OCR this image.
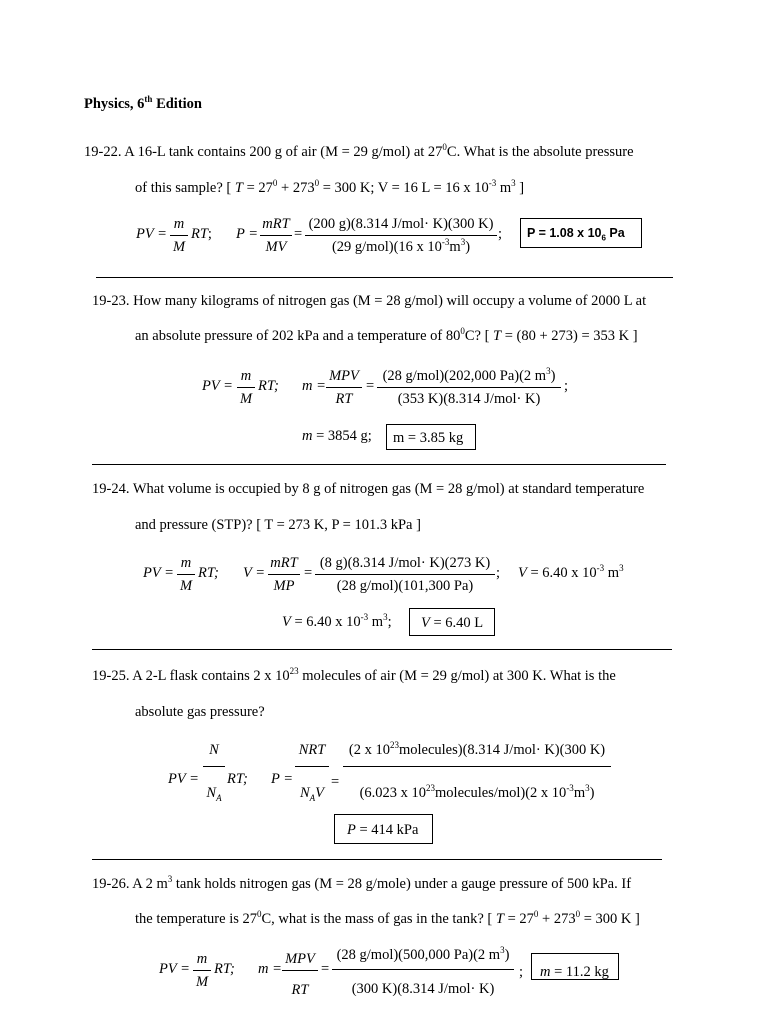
Physics, 6th Edition
19-22. A 16-L tank contains 200 g of air (M = 29 g/mol) at $27^0C$. What is the absolute pressure
of this sample? [ $T = 27^0 + 273^0 = 300$ K; V = 16 L = 16 x $10^{-3}$ $m^3$ ]
PV = $\frac{m}{M}$ RT; P =
mRT
MV
=
(200 g)(8.314 J/mol· K)(300 K)
(29 g/mol)(16 x $10^{-3}m^3$)
; P = 1.08 x $10_6$ Pa
19-23. How many kilograms of nitrogen gas (M = 28 g/mol) will occupy a volume of 2000 L at
an absolute pressure of 202 kPa and a temperature of $80^0C$? [ T = (80 + 273) = 353 K ]
PV = $\frac{m}{M}$ RT; m =
MPV
RT
=
(28 g/mol)(202,000 Pa)(2 $m^3$)
(353 K)(8.314 J/mol· K)
;
m = 3854 g; m = 3.85 kg
19-24. What volume is occupied by 8 g of nitrogen gas (M = 28 g/mol) at standard temperature
and pressure (STP)? [ T = 273 K, P = 101.3 kPa ]
PV = $\frac{m}{M}$ RT; V =
mRT
MP
=
(8 g)(8.314 J/mol· K)(273 K)
(28 g/mol)(101,300 Pa)
; V = 6.40 x $10^{-3}$ $m^3$
V = 6.40 x $10^{-3}$ $m^3$; V = 6.40 L
19-25. A 2-L flask contains 2 x $10^{23}$ molecules of air (M = 29 g/mol) at 300 K. What is the
absolute gas pressure?
PV = $\frac{N}{N_A}$ RT; P =
NRT
$N_AV$
=
(2 x $10^{23}molecules)(8.314$ J/mol· K)(300 K)
(6.023 x $10^{23}molecules/mol)(2$ x $10^{-3}m^3$)
P = 414 kPa
19-26. A 2 $m^3$ tank holds nitrogen gas (M = 28 g/mole) under a gauge pressure of 500 kPa. If
the temperature is $27^0C$, what is the mass of gas in the tank? [ $T = 27^0 + 273^0 = 300$ K ]
PV = $\frac{m}{M}$ RT; m =
MPV
RT
=
(28 g/mol)(500,000 Pa)(2 $m^3$)
(300 K)(8.314 J/mol· K)
; m = 11.2 kg
